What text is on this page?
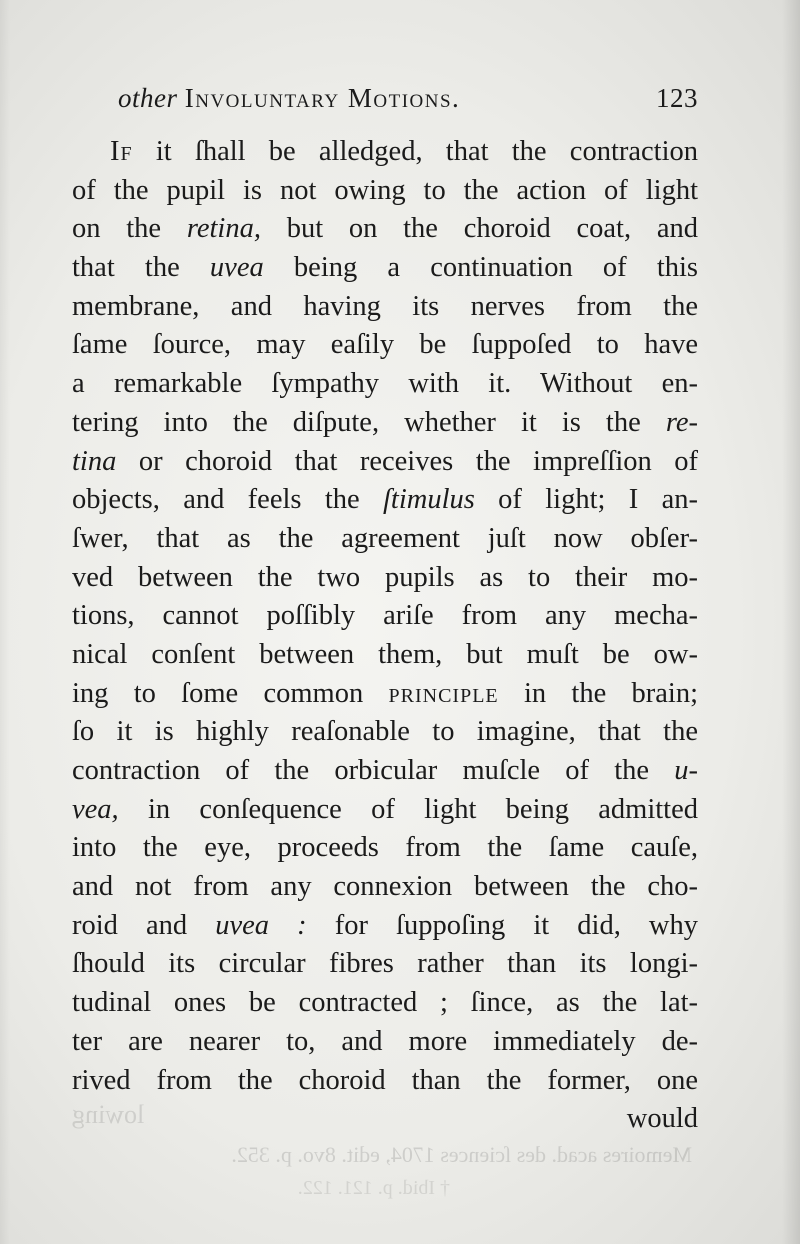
lowing
Memoires acad. des ſciences 1704, edit. 8vo. p. 352.
† Ibid. p. 121. 122.
other Involuntary Motions.	123
If it ſhall be alledged, that the contraction
of the pupil is not owing to the action of light
on the retina, but on the choroid coat, and
that the uvea being a continuation of this
membrane, and having its nerves from the
ſame ſource, may eaſily be ſuppoſed to have
a remarkable ſympathy with it. Without en-
tering into the diſpute, whether it is the re-
tina or choroid that receives the impreſſion of
objects, and feels the ſtimulus of light; I an-
ſwer, that as the agreement juſt now obſer-
ved between the two pupils as to their mo-
tions, cannot poſſibly ariſe from any mecha-
nical conſent between them, but muſt be ow-
ing to ſome common principle in the brain;
ſo it is highly reaſonable to imagine, that the
contraction of the orbicular muſcle of the u-
vea, in conſequence of light being admitted
into the eye, proceeds from the ſame cauſe,
and not from any connexion between the cho-
roid and uvea : for ſuppoſing it did, why
ſhould its circular fibres rather than its longi-
tudinal ones be contracted ; ſince, as the lat-
ter are nearer to, and more immediately de-
rived from the choroid than the former, one
would
